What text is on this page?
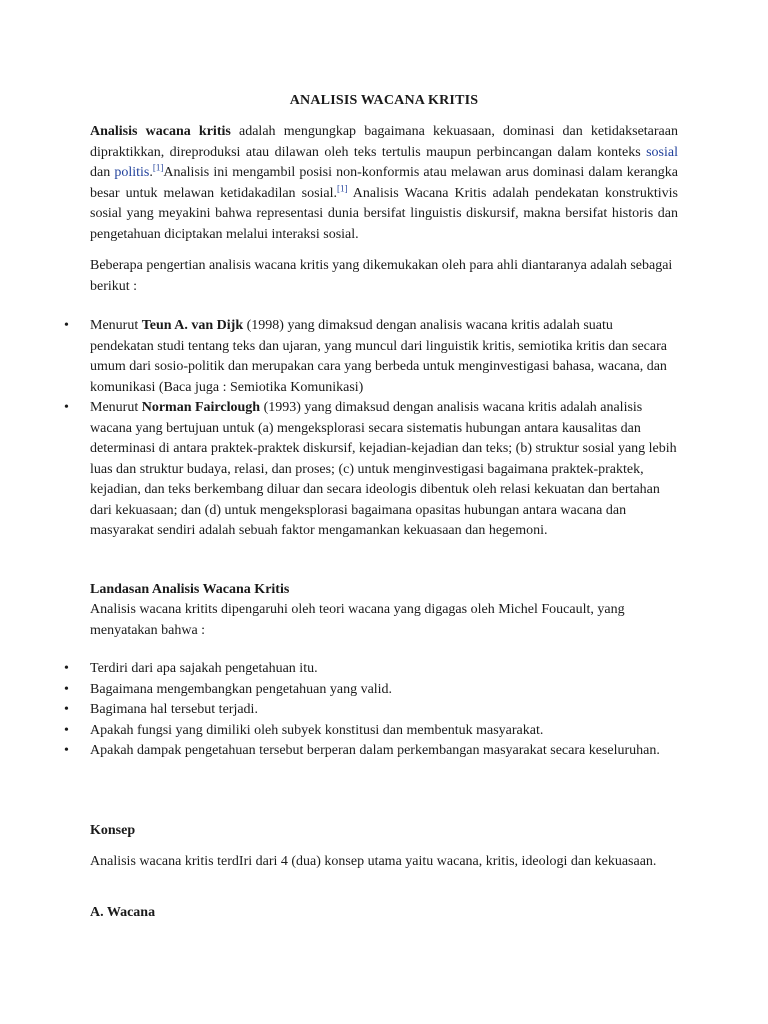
ANALISIS WACANA KRITIS

Analisis wacana kritis adalah mengungkap bagaimana kekuasaan, dominasi dan ketidaksetaraan dipraktikkan, direproduksi atau dilawan oleh teks tertulis maupun perbincangan dalam konteks sosial dan politis.[1]Analisis ini mengambil posisi non-konformis atau melawan arus dominasi dalam kerangka besar untuk melawan ketidakadilan sosial.[1] Analisis Wacana Kritis adalah pendekatan konstruktivis sosial yang meyakini bahwa representasi dunia bersifat linguistis diskursif, makna bersifat historis dan pengetahuan diciptakan melalui interaksi sosial.

Beberapa pengertian analisis wacana kritis yang dikemukakan oleh para ahli diantaranya adalah sebagai berikut :

• Menurut Teun A. van Dijk (1998) yang dimaksud dengan analisis wacana kritis adalah suatu pendekatan studi tentang teks dan ujaran, yang muncul dari linguistik kritis, semiotika kritis dan secara umum dari sosio-politik dan merupakan cara yang berbeda untuk menginvestigasi bahasa, wacana, dan komunikasi (Baca juga : Semiotika Komunikasi)
• Menurut Norman Fairclough (1993) yang dimaksud dengan analisis wacana kritis adalah analisis wacana yang bertujuan untuk (a) mengeksplorasi secara sistematis hubungan antara kausalitas dan determinasi di antara praktek-praktek diskursif, kejadian-kejadian dan teks; (b) struktur sosial yang lebih luas dan struktur budaya, relasi, dan proses; (c) untuk menginvestigasi bagaimana praktek-praktek, kejadian, dan teks berkembang diluar dan secara ideologis dibentuk oleh relasi kekuatan dan bertahan dari kekuasaan; dan (d) untuk mengeksplorasi bagaimana opasitas hubungan antara wacana dan masyarakat sendiri adalah sebuah faktor mengamankan kekuasaan dan hegemoni.

Landasan Analisis Wacana Kritis

Analisis wacana kritits dipengaruhi oleh teori wacana yang digagas oleh Michel Foucault, yang menyatakan bahwa :

• Terdiri dari apa sajakah pengetahuan itu.
• Bagaimana mengembangkan pengetahuan yang valid.
• Bagimana hal tersebut terjadi.
• Apakah fungsi yang dimiliki oleh subyek konstitusi dan membentuk masyarakat.
• Apakah dampak pengetahuan tersebut berperan dalam perkembangan masyarakat secara keseluruhan.

Konsep

Analisis wacana kritis terdIri dari 4 (dua) konsep utama yaitu wacana, kritis, ideologi dan kekuasaan.

A. Wacana
